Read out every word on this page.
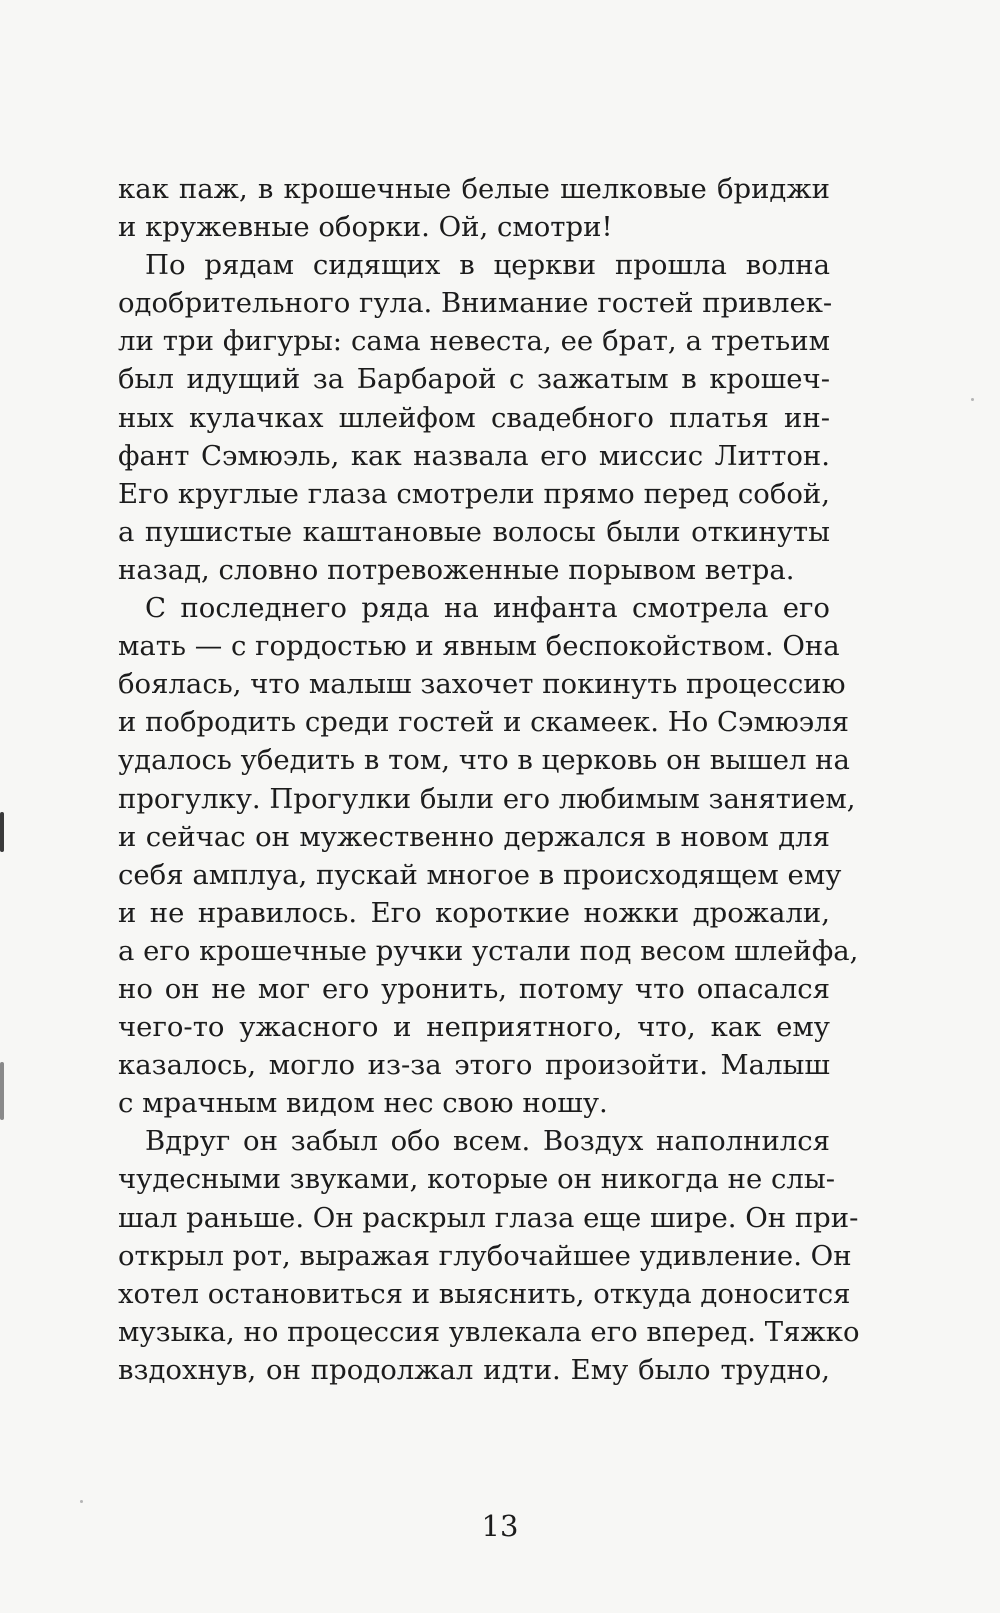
как паж, в крошечные белые шелковые бриджи
и кружевные оборки. Ой, смотри!
По рядам сидящих в церкви прошла волна
одобрительного гула. Внимание гостей привлек-
ли три фигуры: сама невеста, ее брат, а третьим
был идущий за Барбарой с зажатым в крошеч-
ных кулачках шлейфом свадебного платья ин-
фант Сэмюэль, как назвала его миссис Литтон.
Его круглые глаза смотрели прямо перед собой,
а пушистые каштановые волосы были откинуты
назад, словно потревоженные порывом ветра.
С последнего ряда на инфанта смотрела его
мать — с гордостью и явным беспокойством. Она
боялась, что малыш захочет покинуть процессию
и побродить среди гостей и скамеек. Но Сэмюэля
удалось убедить в том, что в церковь он вышел на
прогулку. Прогулки были его любимым занятием,
и сейчас он мужественно держался в новом для
себя амплуа, пускай многое в происходящем ему
и не нравилось. Его короткие ножки дрожали,
а его крошечные ручки устали под весом шлейфа,
но он не мог его уронить, потому что опасался
чего-то ужасного и неприятного, что, как ему
казалось, могло из-за этого произойти. Малыш
с мрачным видом нес свою ношу.
Вдруг он забыл обо всем. Воздух наполнился
чудесными звуками, которые он никогда не слы-
шал раньше. Он раскрыл глаза еще шире. Он при-
открыл рот, выражая глубочайшее удивление. Он
хотел остановиться и выяснить, откуда доносится
музыка, но процессия увлекала его вперед. Тяжко
вздохнув, он продолжал идти. Ему было трудно,
13
